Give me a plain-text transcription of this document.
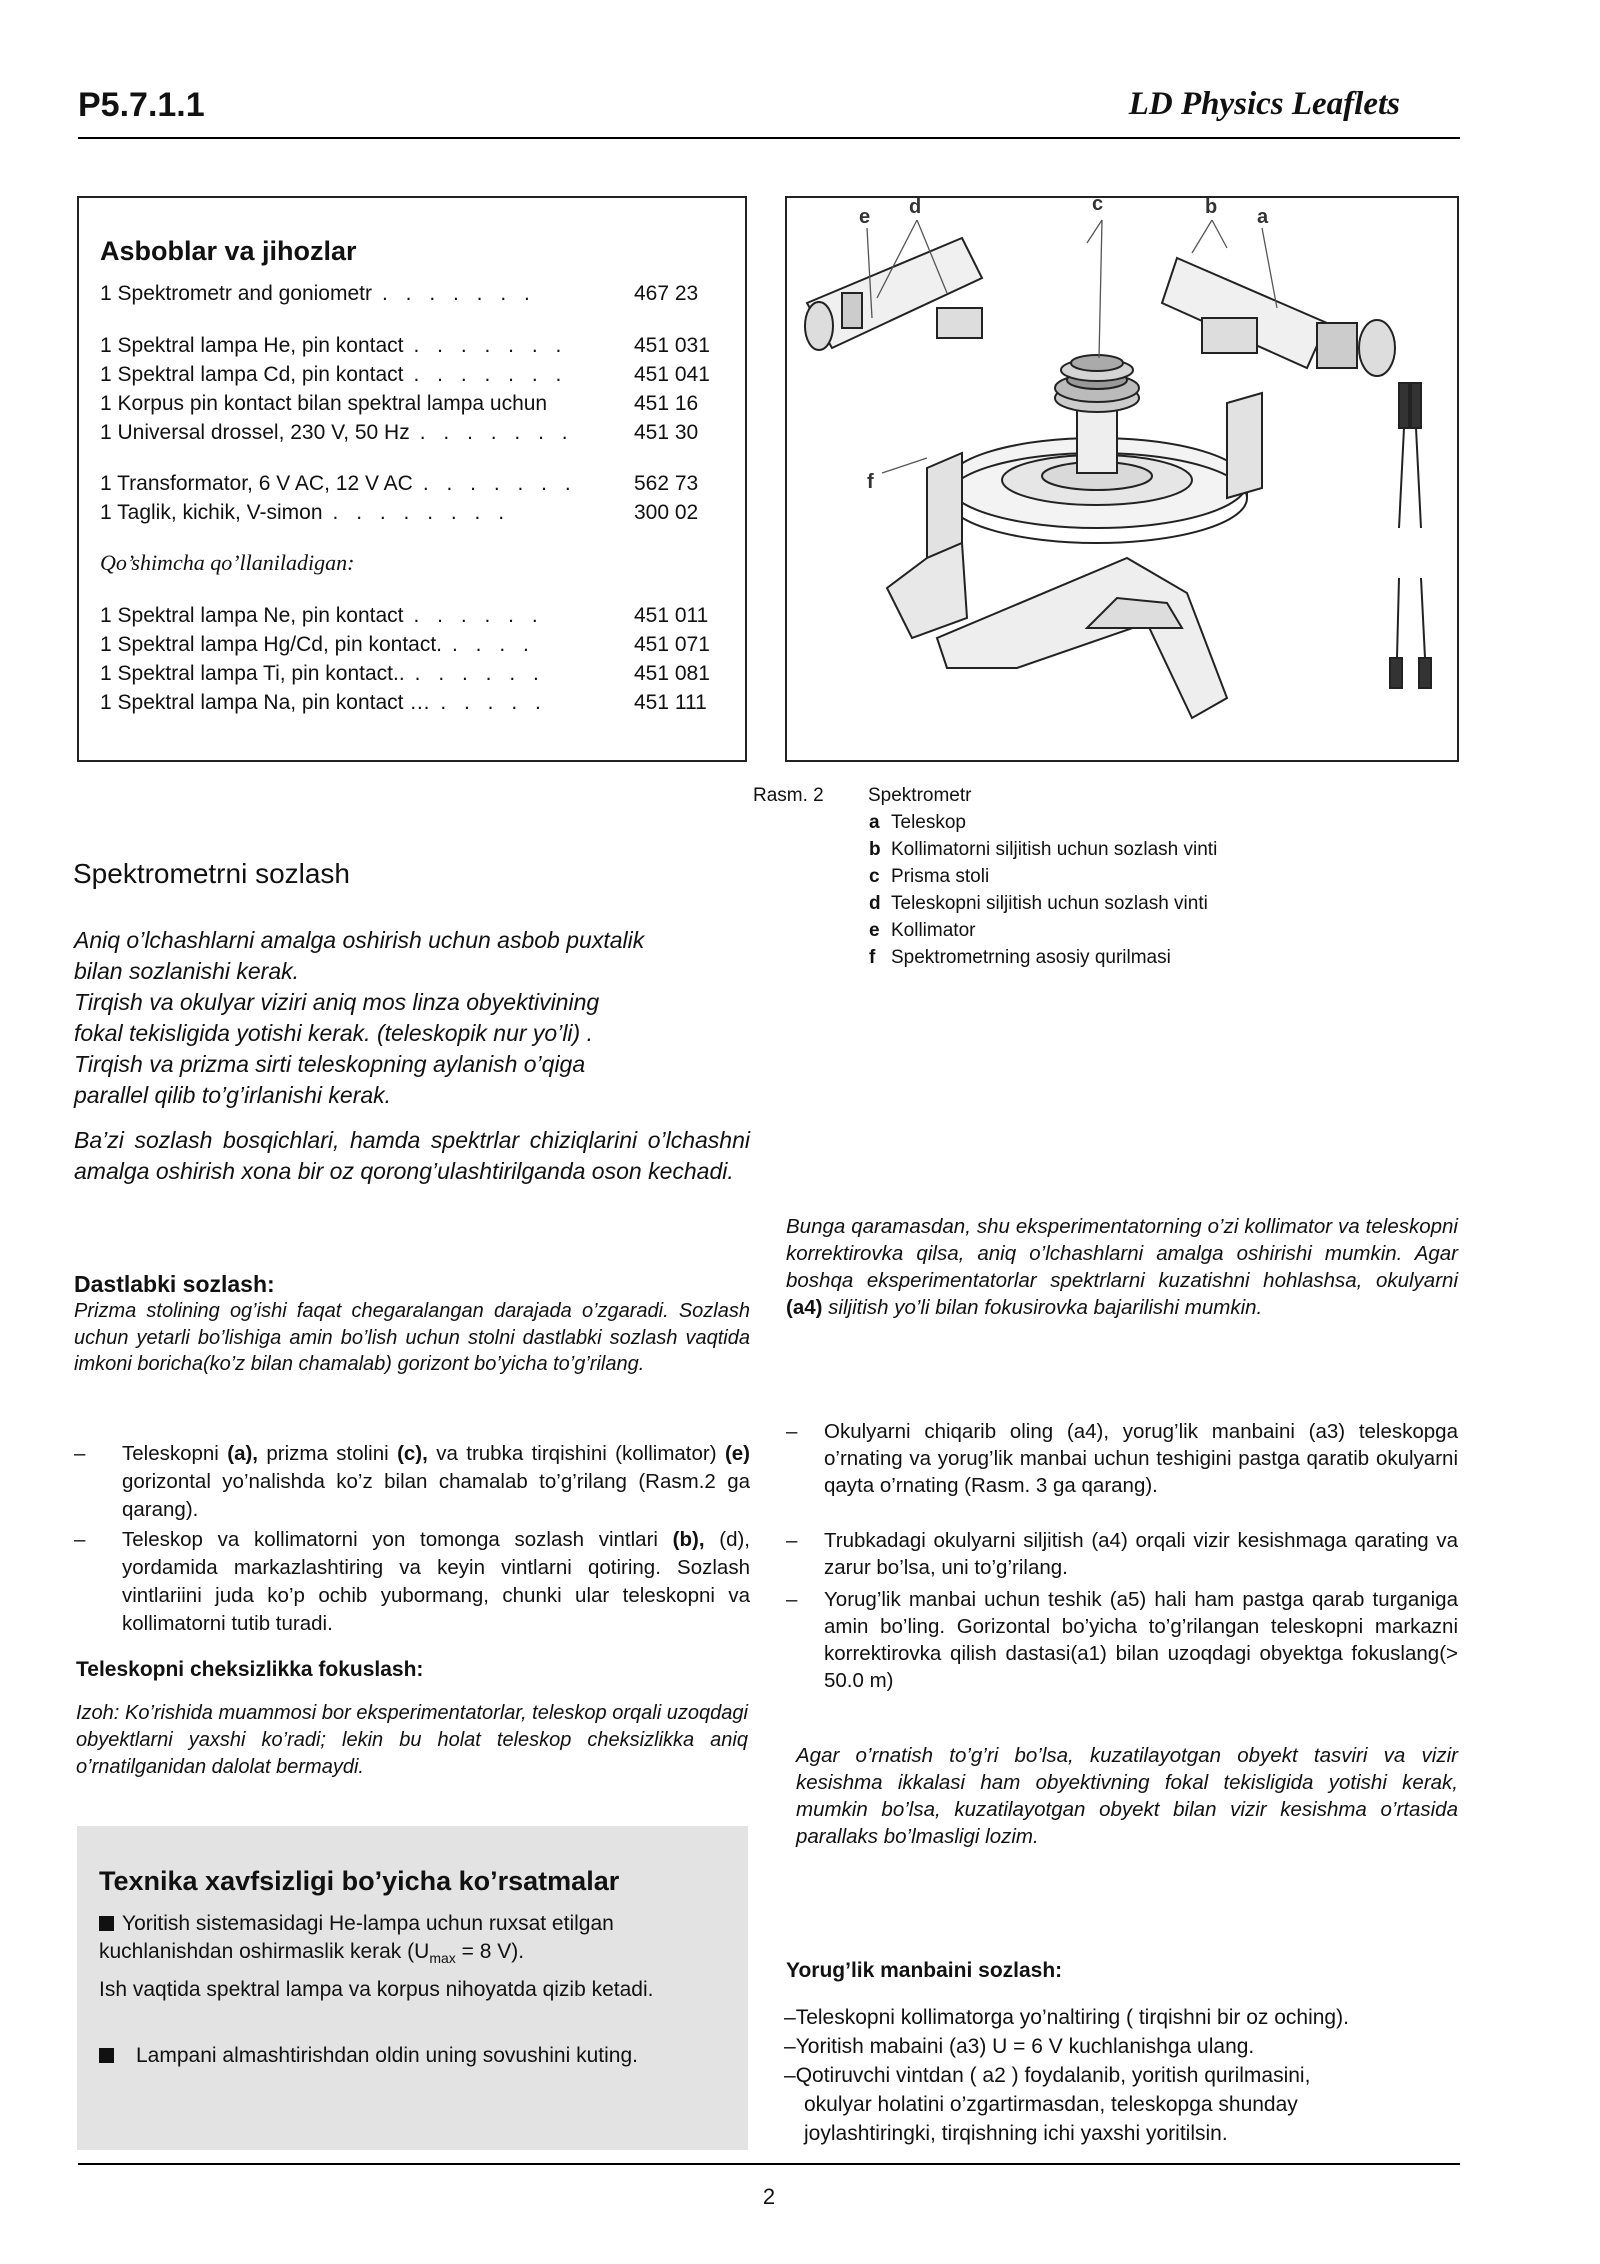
P5.7.1.1	LD Physics Leaflets
Asboblar va jihozlar
1 Spektrometr and goniometr . . . . . . .	467 23
1 Spektral lampa He, pin kontact . . . . . . .	451 031
1 Spektral lampa Cd, pin kontact . . . . . . .	451 041
1 Korpus pin kontact bilan spektral lampa uchun	451 16
1 Universal drossel, 230 V, 50 Hz . . . . . . .	451 30
1 Transformator, 6 V AC, 12 V AC . . . . . . .	562 73
1 Taglik, kichik, V-simon . . . . . . . .	300 02
Qo’shimcha qo’llaniladigan:
1 Spektral lampa Ne, pin kontact . . . . . .	451 011
1 Spektral lampa Hg/Cd, pin kontact. . . . .	451 071
1 Spektral lampa Ti, pin kontact.. . . . . . .	451 081
1 Spektral lampa Na, pin kontact … . . . . .	451 111
e d	c	b a
f
Rasm. 2 Spektrometr
a Teleskop
b Kollimatorni siljitish uchun sozlash vinti
c Prisma stoli
d Teleskopni siljitish uchun sozlash vinti
e Kollimator
f Spektrometrning asosiy qurilmasi
Spektrometrni sozlash
Aniq o’lchashlarni amalga oshirish uchun asbob puxtalik
bilan sozlanishi kerak.
Tirqish va okulyar viziri aniq mos linza obyektivining
fokal tekisligida yotishi kerak. (teleskopik nur yo’li) .
Tirqish va prizma sirti teleskopning aylanish o’qiga
parallel qilib to’g’irlanishi kerak.
Ba’zi sozlash bosqichlari, hamda spektrlar chiziqlarini o’lchashni amalga oshirish xona bir oz qorong’ulashtirilganda oson kechadi.
Dastlabki sozlash:
Prizma stolining og’ishi faqat chegaralangan darajada o’zgaradi. Sozlash uchun yetarli bo’lishiga amin bo’lish uchun stolni dastlabki sozlash vaqtida imkoni boricha(ko’z bilan chamalab) gorizont bo’yicha to’g’rilang.
–	Teleskopni (a), prizma stolini (c), va trubka tirqishini (kollimator) (e) gorizontal yo’nalishda ko’z bilan chamalab to’g’rilang (Rasm.2 ga qarang).
–	Teleskop va kollimatorni yon tomonga sozlash vintlari (b), (d), yordamida markazlashtiring va keyin vintlarni qotiring. Sozlash vintlariini juda ko’p ochib yubormang, chunki ular teleskopni va kollimatorni tutib turadi.
Teleskopni cheksizlikka fokuslash:
Izoh: Ko’rishida muammosi bor eksperimentatorlar, teleskop orqali uzoqdagi obyektlarni yaxshi ko’radi; lekin bu holat teleskop cheksizlikka aniq o’rnatilganidan dalolat bermaydi.
Texnika xavfsizligi bo’yicha ko’rsatmalar
Yoritish sistemasidagi He-lampa uchun ruxsat etilgan kuchlanishdan oshirmaslik kerak ($U_{max} = 8$ V).
Ish vaqtida spektral lampa va korpus nihoyatda qizib ketadi.
Lampani almashtirishdan oldin uning sovushini kuting.
Bunga qaramasdan, shu eksperimentatorning o’zi kollimator va teleskopni korrektirovka qilsa, aniq o’lchashlarni amalga oshirishi mumkin. Agar boshqa eksperimentatorlar spektrlarni kuzatishni hohlashsa, okulyarni (a4) siljitish yo’li bilan fokusirovka bajarilishi mumkin.
–	Okulyarni chiqarib oling (a4), yorug’lik manbaini (a3) teleskopga o’rnating va yorug’lik manbai uchun teshigini pastga qaratib okulyarni qayta o’rnating (Rasm. 3 ga qarang).
–	Trubkadagi okulyarni siljitish (a4) orqali vizir kesishmaga qarating va zarur bo’lsa, uni to’g’rilang.
–	Yorug’lik manbai uchun teshik (a5) hali ham pastga qarab turganiga amin bo’ling. Gorizontal bo’yicha to’g’rilangan teleskopni markazni korrektirovka qilish dastasi(a1) bilan uzoqdagi obyektga fokuslang(> 50.0 m)
Agar o’rnatish to’g’ri bo’lsa, kuzatilayotgan obyekt tasviri va vizir kesishma ikkalasi ham obyektivning fokal tekisligida yotishi kerak, mumkin bo’lsa, kuzatilayotgan obyekt bilan vizir kesishma o’rtasida parallaks bo’lmasligi lozim.
Yorug’lik manbaini sozlash:
–Teleskopni kollimatorga yo’naltiring ( tirqishni bir oz oching).
–Yoritish mabaini (a3) U = 6 V kuchlanishga ulang.
–Qotiruvchi vintdan ( a2 ) foydalanib, yoritish qurilmasini,
okulyar holatini o’zgartirmasdan, teleskopga shunday
joylashtiringki, tirqishning ichi yaxshi yoritilsin.
2
